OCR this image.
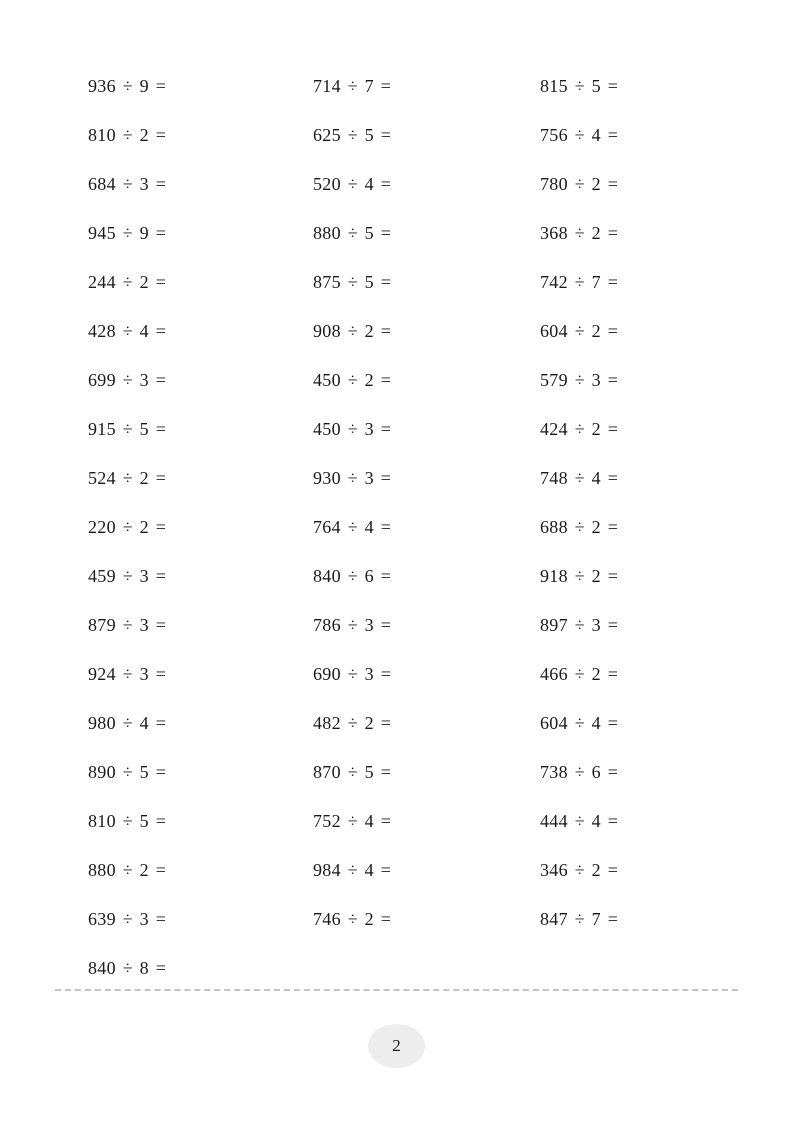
936 ÷ 9 =	714 ÷ 7 =	815 ÷ 5 =
810 ÷ 2 =	625 ÷ 5 =	756 ÷ 4 =
684 ÷ 3 =	520 ÷ 4 =	780 ÷ 2 =
945 ÷ 9 =	880 ÷ 5 =	368 ÷ 2 =
244 ÷ 2 =	875 ÷ 5 =	742 ÷ 7 =
428 ÷ 4 =	908 ÷ 2 =	604 ÷ 2 =
699 ÷ 3 =	450 ÷ 2 =	579 ÷ 3 =
915 ÷ 5 =	450 ÷ 3 =	424 ÷ 2 =
524 ÷ 2 =	930 ÷ 3 =	748 ÷ 4 =
220 ÷ 2 =	764 ÷ 4 =	688 ÷ 2 =
459 ÷ 3 =	840 ÷ 6 =	918 ÷ 2 =
879 ÷ 3 =	786 ÷ 3 =	897 ÷ 3 =
924 ÷ 3 =	690 ÷ 3 =	466 ÷ 2 =
980 ÷ 4 =	482 ÷ 2 =	604 ÷ 4 =
890 ÷ 5 =	870 ÷ 5 =	738 ÷ 6 =
810 ÷ 5 =	752 ÷ 4 =	444 ÷ 4 =
880 ÷ 2 =	984 ÷ 4 =	346 ÷ 2 =
639 ÷ 3 =	746 ÷ 2 =	847 ÷ 7 =
840 ÷ 8 =
2
